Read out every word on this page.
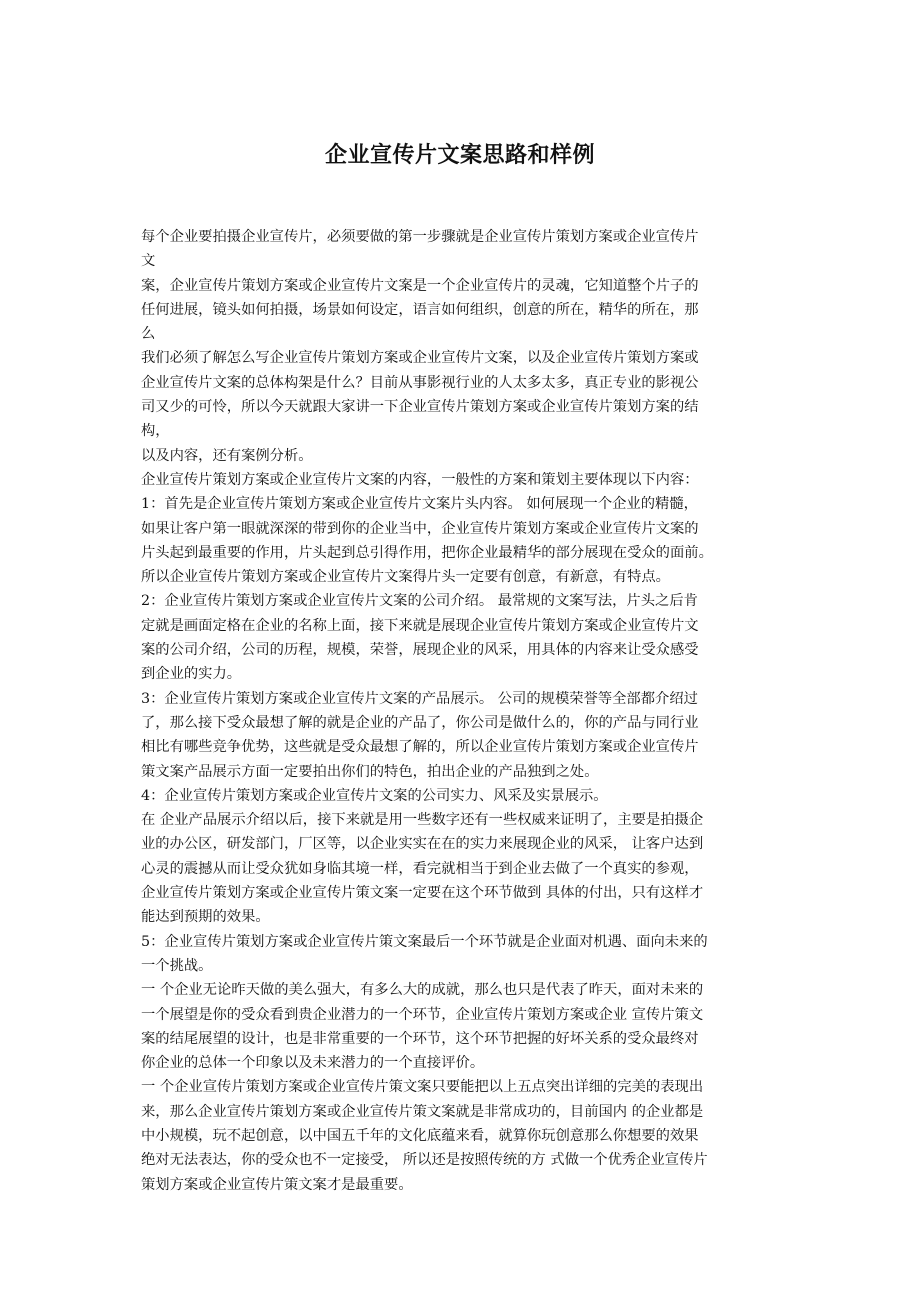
企业宣传片文案思路和样例
每个企业要拍摄企业宣传片，必须要做的第一步骤就是企业宣传片策划方案或企业宣传片
文
案，企业宣传片策划方案或企业宣传片文案是一个企业宣传片的灵魂，它知道整个片子的
任何进展，镜头如何拍摄，场景如何设定，语言如何组织，创意的所在，精华的所在，那
么
我们必须了解怎么写企业宣传片策划方案或企业宣传片文案，以及企业宣传片策划方案或
企业宣传片文案的总体构架是什么？目前从事影视行业的人太多太多，真正专业的影视公
司又少的可怜，所以今天就跟大家讲一下企业宣传片策划方案或企业宣传片策划方案的结
构，
以及内容，还有案例分析。
企业宣传片策划方案或企业宣传片文案的内容，一般性的方案和策划主要体现以下内容：
1：首先是企业宣传片策划方案或企业宣传片文案片头内容。 如何展现一个企业的精髓，
如果让客户第一眼就深深的带到你的企业当中，企业宣传片策划方案或企业宣传片文案的
片头起到最重要的作用，片头起到总引得作用，把你企业最精华的部分展现在受众的面前。
所以企业宣传片策划方案或企业宣传片文案得片头一定要有创意，有新意，有特点。
2：企业宣传片策划方案或企业宣传片文案的公司介绍。 最常规的文案写法，片头之后肯
定就是画面定格在企业的名称上面，接下来就是展现企业宣传片策划方案或企业宣传片文
案的公司介绍，公司的历程，规模，荣誉，展现企业的风采，用具体的内容来让受众感受
到企业的实力。
3：企业宣传片策划方案或企业宣传片文案的产品展示。 公司的规模荣誉等全部都介绍过
了，那么接下受众最想了解的就是企业的产品了，你公司是做什么的，你的产品与同行业
相比有哪些竞争优势，这些就是受众最想了解的，所以企业宣传片策划方案或企业宣传片
策文案产品展示方面一定要拍出你们的特色，拍出企业的产品独到之处。
4：企业宣传片策划方案或企业宣传片文案的公司实力、风采及实景展示。
在 企业产品展示介绍以后，接下来就是用一些数字还有一些权威来证明了，主要是拍摄企
业的办公区，研发部门，厂区等，以企业实实在在的实力来展现企业的风采， 让客户达到
心灵的震撼从而让受众犹如身临其境一样，看完就相当于到企业去做了一个真实的参观，
企业宣传片策划方案或企业宣传片策文案一定要在这个环节做到 具体的付出，只有这样才
能达到预期的效果。
5：企业宣传片策划方案或企业宣传片策文案最后一个环节就是企业面对机遇、面向未来的
一个挑战。
一 个企业无论昨天做的美么强大，有多么大的成就，那么也只是代表了昨天，面对未来的
一个展望是你的受众看到贵企业潜力的一个环节，企业宣传片策划方案或企业 宣传片策文
案的结尾展望的设计，也是非常重要的一个环节，这个环节把握的好坏关系的受众最终对
你企业的总体一个印象以及未来潜力的一个直接评价。
一 个企业宣传片策划方案或企业宣传片策文案只要能把以上五点突出详细的完美的表现出
来，那么企业宣传片策划方案或企业宣传片策文案就是非常成功的，目前国内 的企业都是
中小规模，玩不起创意，以中国五千年的文化底蕴来看，就算你玩创意那么你想要的效果
绝对无法表达，你的受众也不一定接受， 所以还是按照传统的方 式做一个优秀企业宣传片
策划方案或企业宣传片策文案才是最重要。
